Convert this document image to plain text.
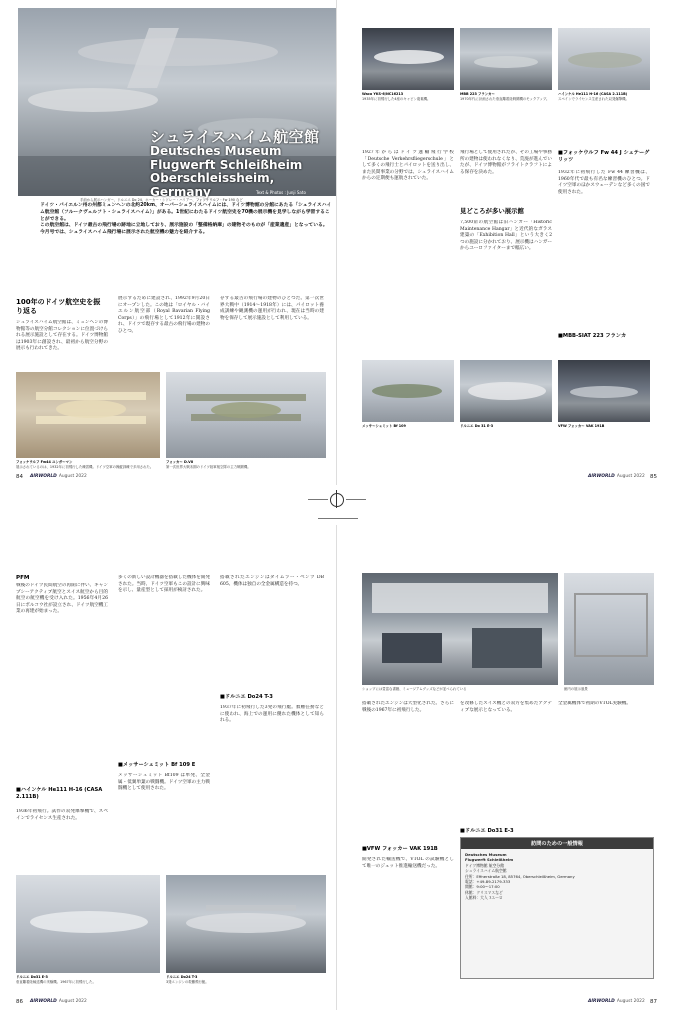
シュライスハイム航空館
Deutsches Museum
Flugwerft Schleißheim
Oberschleissheim, Germany	Text & Photos : Junji Sato
手前から展示ハンガー、ドルニエ Do 24、ホーカー・シドレー・ハリアー、フォッケウルフ・Fw 190 など
ドイツ・バイエルン州の州都ミュンヘンの北約20km、オーバーシュライスハイムには、ドイツ博物館の分館にあたる「シュライスハイム航空館（フルークヴェルフト・シュライスハイム）」がある。1世紀にわたるドイツ航空史を70機の展示機を見学しながら学習することができる。
この航空館は、ドイツ最古の飛行場の跡地に立地しており、展示施設の「整備格納庫」の建物そのものが「産業遺産」となっている。
今月号では、シュライスハイム飛行場に展示された航空機の魅力を紹介する。
100年のドイツ航空史を振り返る
シュライスハイム航空館は、ミュンヘンの博物館等の航空分館コレクションに位置づけられる展示施設として存在する。ドイツ博物館は1903年に創設され、最初から航空分野の展示も行われてきた。
展示するために建設され、1992年9月20日にオープンした。この地は「ロイヤル・バイエルン航空部（Royal Bavarian Flying Corps）」の飛行場として1912年に開設され、ドイツで現存する最古の飛行場の建物のひとつ。
存する最古の飛行場の建物のひとつだ。第一次世界大戦中（1914〜1918年）には、パイロット養成訓練や観測機の運用が行われ、現在は当時の建物を保存して展示施設として利用している。
フォッケウルフ Fw44 ユンガーマン
展示されているのは、1932年に初飛行した練習機。ドイツ空軍の操縦訓練で多用された。
フォッカー D.VII
第一次世界大戦末期のドイツ陸軍航空隊の主力戦闘機。
84 AIRWORLD August 2022
Waco YKS-6/NC16213
1935年に初飛行した4座のキャビン複葉機。
MBB 223 フランカー
1970年代に計画された垂直離着陸戦闘機のモックアップ。
ハインケル He111 H-16 (CASA 2.111B)
スペインでライセンス生産された双発爆撃機。
1927年からはドイツ運輸飛行学校「Deutsche Verkehrsfliegerschule」として多くの飛行士とパイロットを送り出し、また民間事業の分野では、シュライスハイムからの定期便も運航されていた。
飛行場として使用されたが、その工場や事務所の建物は使われなくなり、荒廃が進んでいたが、ドイツ博物館がフライトクラフトによる保存を決めた。
見どころが多い展示館
7,500㎡の航空館は旧ハンガー「Historic Maintenance Hangar」と近代的なガラス建築の「Exhibition Hall」という大きく2つの施設に分かれており、展示機はハンガーからユーロファイターまで幅広い。
■ フォッケウルフ Fw 44 J シュテーグリッツ
1932年に初飛行した Fw 44 練習機は、1960年代で最も有名な練習機のひとつ。ドイツ空軍のほかスウェーデンなど多くの国で使用された。
■ MBB-SIAT 223 フランカ
メッサーシュミット Bf 109	ドルニエ Do 31 E-3	VFW フォッカー VAK 191B
AIRWORLD August 2022 85
PFM
戦後のドイツ民間航空の再開に伴い、キャンプシーアクティブ航空とスイス航空から目的航空の航空機を受け入れた。1956年4月26日にボルコウ社が設立され、ドイツ航空機工業の再建が始まった。
■ ハインケル He111 H-16 (CASA 2.111B)
1936年初飛行。試作の双発爆撃機で、スペインでライセンス生産された。
多くの新しい設計機器を搭載した機体を開発された。当時、ドイツ空軍もこの設計に興味を示し、量産型として採用が検討された。
■ メッサーシュミット Bf 109 E
メッサーシュミット Bf109 は単発、全金属・低翼単葉の戦闘機。ドイツ空軍の主力戦闘機として使用された。
搭載されたエンジンはダイムラー・ベンツ DB 605、機体は独自の全金属構造を持つ。
■ ドルニエ Do24 T-3
1937年に初飛行した3発の飛行艇。救難任務などに使われ、海上での運用に優れた機体として知られる。
ドルニエ Do31 E-3
垂直離着陸輸送機の実験機。1967年に初飛行した。
ドルニエ Do24 T-3
3発エンジンの救難飛行艇。
86 AIRWORLD August 2022
ショップには豊富な書籍、ミュージアムグッズなどが並べられている	館内の展示風景
搭載されたエンジンは大型化された。さらに戦後の1967年に初飛行した。
■ VFW フォッカー VAK 191B
開発された輸送機で、VTOL の試験機として唯一のジェット推進輸送機だった。
を改修したスイス機との双方を集めたアクティブな展示となっている。
■ ドルニエ Do31 E-3
全金属機体で初期のVTOL実験機。
訪問のための一般情報
Deutsches Museum
Flugwerft Schleißheim
ドイツ博物館 航空分館
シュライスハイム航空館
住所：Effnerstraße 18, 85764, Oberschleißheim, Germany
電話：+49-89-2179-333
開館：9:00〜17:00
休館：クリスマスなど
入館料：大人 7ユーロ
AIRWORLD August 2022 87
